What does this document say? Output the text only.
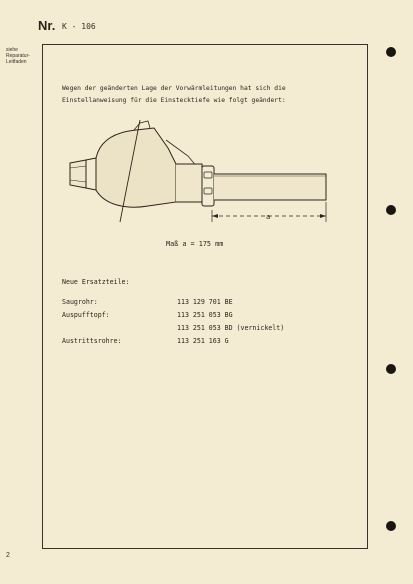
Nr. K - 106
siehe
Reparatur-
Leitfaden
Wegen der geänderten Lage der Vorwärmleitungen hat sich die
Einstellanweisung für die Einstecktiefe wie folgt geändert:
a
Maß a = 175 mm
Neue Ersatzteile:
Saugrohr:	113 129 701 BE
Auspufftopf:	113 251 053 BG
113 251 053 BD (vernickelt)
Austrittsrohre:	113 251 163 G
2
